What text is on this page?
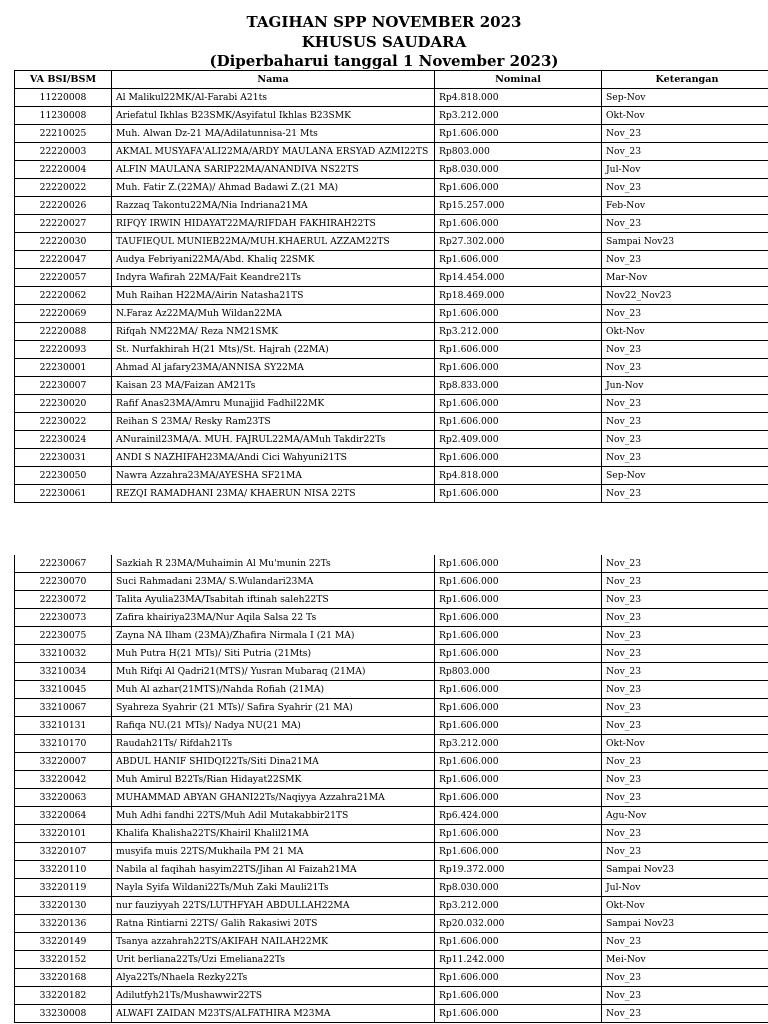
TAGIHAN SPP NOVEMBER 2023
KHUSUS SAUDARA
(Diperbaharui tanggal 1 November 2023)
VA BSI/BSM	Nama	Nominal	Keterangan
11220008	Al Malikul22MK/Al-Farabi A21ts	Rp4.818.000	Sep-Nov
11230008	Ariefatul Ikhlas B23SMK/Asyifatul Ikhlas B23SMK	Rp3.212.000	Okt-Nov
22210025	Muh. Alwan Dz-21 MA/Adilatunnisa-21 Mts	Rp1.606.000	Nov_23
22220003	AKMAL MUSYAFA'ALI22MA/ARDY MAULANA ERSYAD AZMI22TS	Rp803.000	Nov_23
22220004	ALFIN MAULANA SARIP22MA/ANANDIVA NS22TS	Rp8.030.000	Jul-Nov
22220022	Muh. Fatir Z.(22MA)/ Ahmad Badawi Z.(21 MA)	Rp1.606.000	Nov_23
22220026	Razzaq Takontu22MA/Nia Indriana21MA	Rp15.257.000	Feb-Nov
22220027	RIFQY IRWIN HIDAYAT22MA/RIFDAH FAKHIRAH22TS	Rp1.606.000	Nov_23
22220030	TAUFIEQUL MUNIEB22MA/MUH.KHAERUL AZZAM22TS	Rp27.302.000	Sampai Nov23
22220047	Audya Febriyani22MA/Abd. Khaliq 22SMK	Rp1.606.000	Nov_23
22220057	Indyra Wafirah 22MA/Fait Keandre21Ts	Rp14.454.000	Mar-Nov
22220062	Muh Raihan H22MA/Airin Natasha21TS	Rp18.469.000	Nov22_Nov23
22220069	N.Faraz Az22MA/Muh Wildan22MA	Rp1.606.000	Nov_23
22220088	Rifqah NM22MA/ Reza NM21SMK	Rp3.212.000	Okt-Nov
22220093	St. Nurfakhirah H(21 Mts)/St. Hajrah (22MA)	Rp1.606.000	Nov_23
22230001	Ahmad Al jafary23MA/ANNISA SY22MA	Rp1.606.000	Nov_23
22230007	Kaisan 23 MA/Faizan AM21Ts	Rp8.833.000	Jun-Nov
22230020	Rafif Anas23MA/Amru Munajjid Fadhil22MK	Rp1.606.000	Nov_23
22230022	Reihan S 23MA/ Resky Ram23TS	Rp1.606.000	Nov_23
22230024	ANurainil23MA/A. MUH. FAJRUL22MA/AMuh Takdir22Ts	Rp2.409.000	Nov_23
22230031	ANDI S NAZHIFAH23MA/Andi Cici Wahyuni21TS	Rp1.606.000	Nov_23
22230050	Nawra Azzahra23MA/AYESHA SF21MA	Rp4.818.000	Sep-Nov
22230061	REZQI RAMADHANI 23MA/ KHAERUN NISA 22TS	Rp1.606.000	Nov_23
22230067	Sazkiah R 23MA/Muhaimin Al Mu'munin 22Ts	Rp1.606.000	Nov_23
22230070	Suci Rahmadani 23MA/ S.Wulandari23MA	Rp1.606.000	Nov_23
22230072	Talita Ayulia23MA/Tsabitah iftinah saleh22TS	Rp1.606.000	Nov_23
22230073	Zafira khairiya23MA/Nur Aqila Salsa 22 Ts	Rp1.606.000	Nov_23
22230075	Zayna NA Ilham (23MA)/Zhafira Nirmala I (21 MA)	Rp1.606.000	Nov_23
33210032	Muh Putra H(21 MTs)/ Siti Putria (21Mts)	Rp1.606.000	Nov_23
33210034	Muh Rifqi Al Qadri21(MTS)/ Yusran Mubaraq (21MA)	Rp803.000	Nov_23
33210045	Muh Al azhar(21MTS)/Nahda Rofiah (21MA)	Rp1.606.000	Nov_23
33210067	Syahreza Syahrir (21 MTs)/ Safira Syahrir (21 MA)	Rp1.606.000	Nov_23
33210131	Rafiqa NU.(21 MTs)/ Nadya NU(21 MA)	Rp1.606.000	Nov_23
33210170	Raudah21Ts/ Rifdah21Ts	Rp3.212.000	Okt-Nov
33220007	ABDUL HANIF SHIDQI22Ts/Siti Dina21MA	Rp1.606.000	Nov_23
33220042	Muh Amirul B22Ts/Rian Hidayat22SMK	Rp1.606.000	Nov_23
33220063	MUHAMMAD ABYAN GHANI22Ts/Naqiyya Azzahra21MA	Rp1.606.000	Nov_23
33220064	Muh Adhi fandhi 22TS/Muh Adil Mutakabbir21TS	Rp6.424.000	Agu-Nov
33220101	Khalifa Khalisha22TS/Khairil Khalil21MA	Rp1.606.000	Nov_23
33220107	musyifa muis 22TS/Mukhaila PM 21 MA	Rp1.606.000	Nov_23
33220110	Nabila al faqihah hasyim22TS/Jihan Al Faizah21MA	Rp19.372.000	Sampai Nov23
33220119	Nayla Syifa Wildani22Ts/Muh Zaki Mauli21Ts	Rp8.030.000	Jul-Nov
33220130	nur fauziyyah 22TS/LUTHFYAH ABDULLAH22MA	Rp3.212.000	Okt-Nov
33220136	Ratna Rintiarni 22TS/ Galih Rakasiwi 20TS	Rp20.032.000	Sampai Nov23
33220149	Tsanya azzahrah22TS/AKIFAH NAILAH22MK	Rp1.606.000	Nov_23
33220152	Urit berliana22Ts/Uzi Emeliana22Ts	Rp11.242.000	Mei-Nov
33220168	Alya22Ts/Nhaela Rezky22Ts	Rp1.606.000	Nov_23
33220182	Adilutfyh21Ts/Mushawwir22TS	Rp1.606.000	Nov_23
33230008	ALWAFI ZAIDAN M23TS/ALFATHIRA M23MA	Rp1.606.000	Nov_23
